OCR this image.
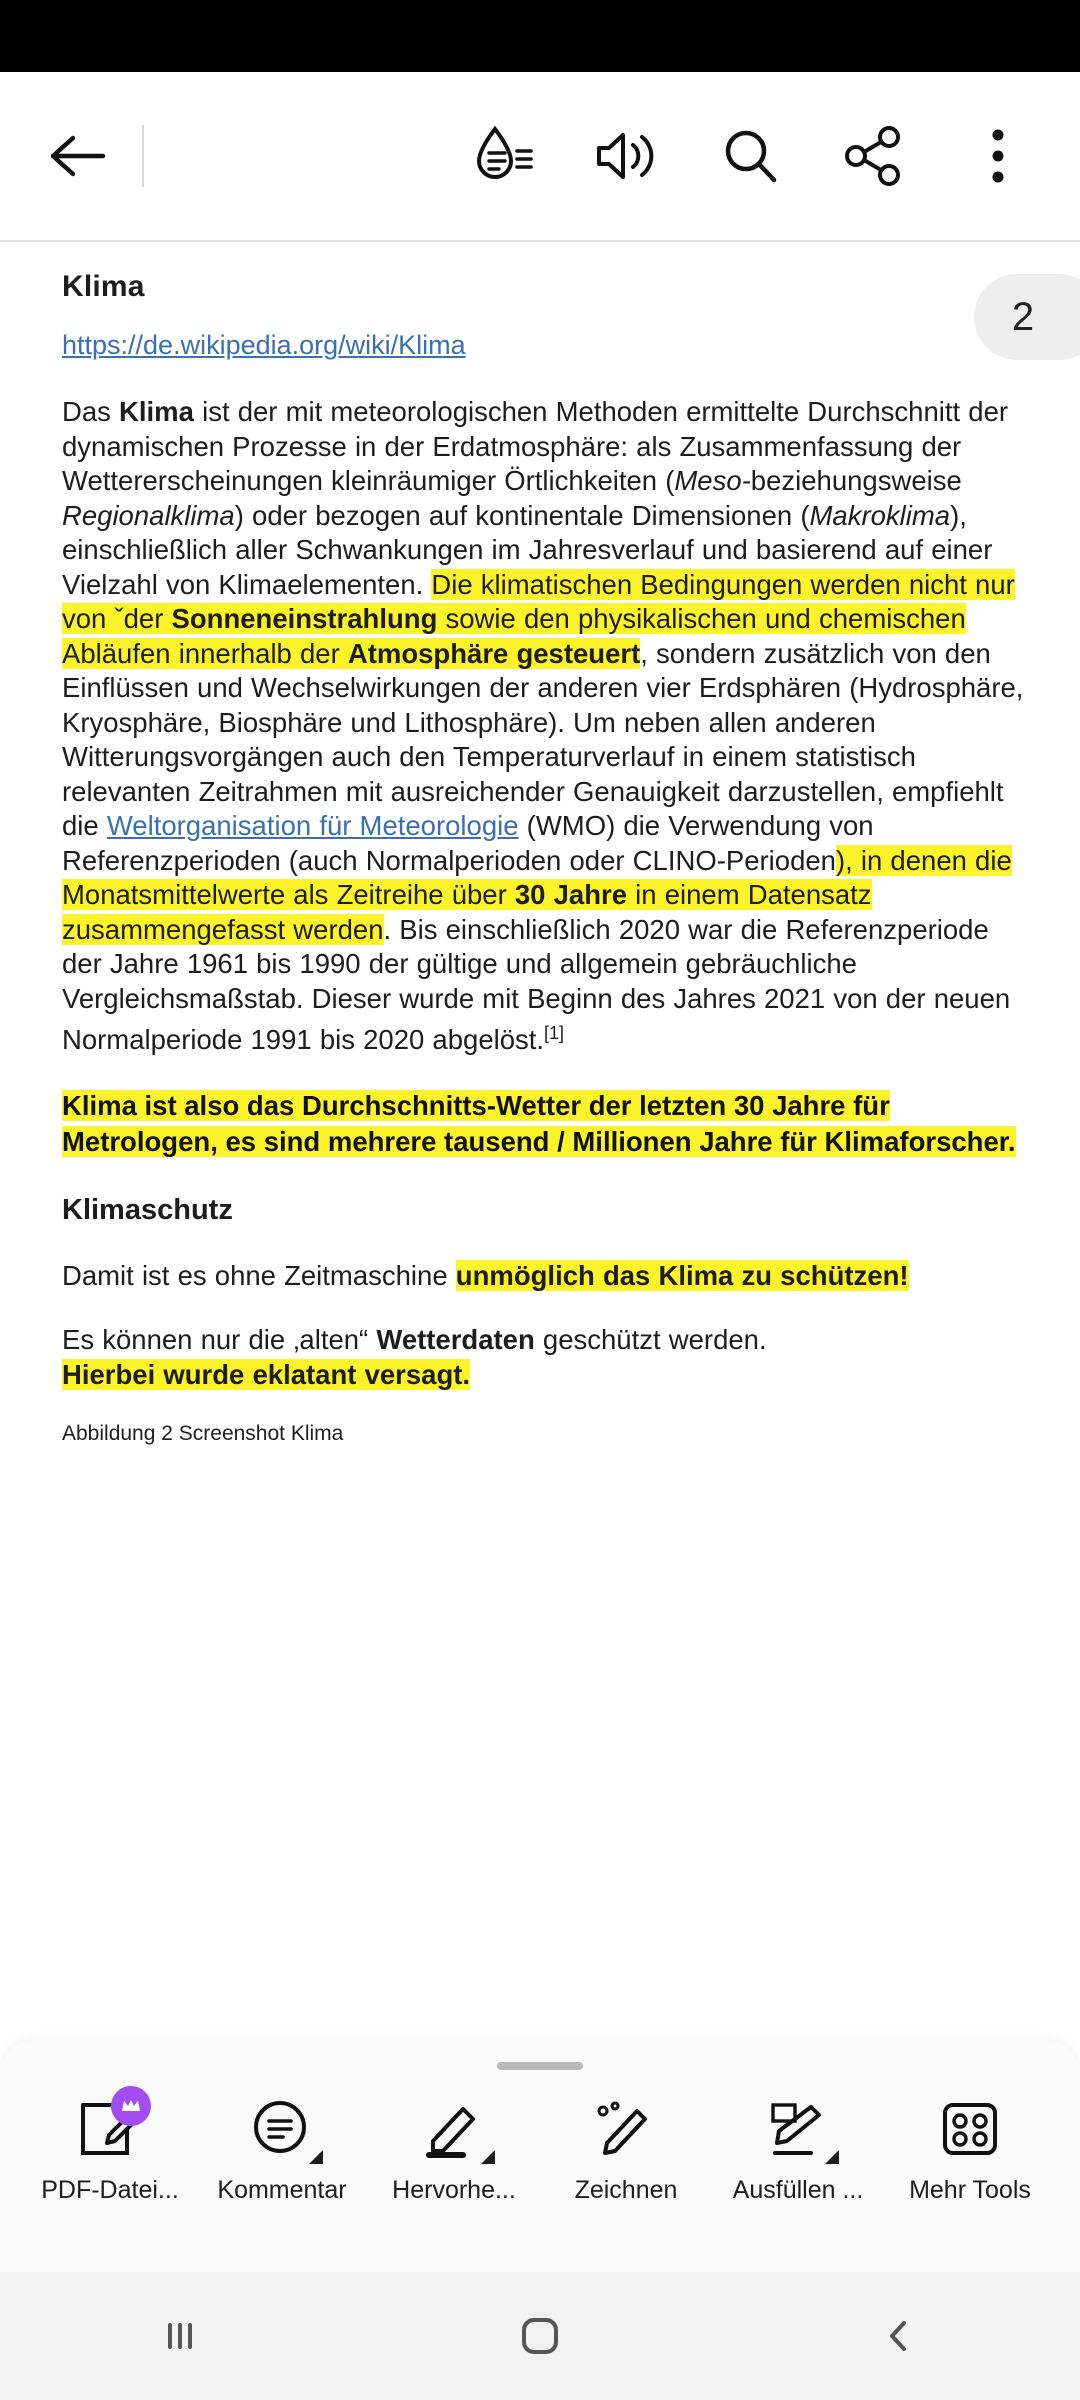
2
Klima
https://de.wikipedia.org/wiki/Klima

Das Klima ist der mit meteorologischen Methoden ermittelte Durchschnitt der dynamischen Prozesse in der Erdatmosphäre: als Zusammenfassung der Wettererscheinungen kleinräumiger Örtlichkeiten (Meso-beziehungsweise Regionalklima) oder bezogen auf kontinentale Dimensionen (Makroklima), einschließlich aller Schwankungen im Jahresverlauf und basierend auf einer Vielzahl von Klimaelementen. Die klimatischen Bedingungen werden nicht nur von ˇder Sonneneinstrahlung sowie den physikalischen und chemischen Abläufen innerhalb der Atmosphäre gesteuert, sondern zusätzlich von den Einflüssen und Wechselwirkungen der anderen vier Erdsphären (Hydrosphäre, Kryosphäre, Biosphäre und Lithosphäre). Um neben allen anderen Witterungsvorgängen auch den Temperaturverlauf in einem statistisch relevanten Zeitrahmen mit ausreichender Genauigkeit darzustellen, empfiehlt die Weltorganisation für Meteorologie (WMO) die Verwendung von Referenzperioden (auch Normalperioden oder CLINO-Perioden), in denen die Monatsmittelwerte als Zeitreihe über 30 Jahre in einem Datensatz zusammengefasst werden. Bis einschließlich 2020 war die Referenzperiode der Jahre 1961 bis 1990 der gültige und allgemein gebräuchliche Vergleichsmaßstab. Dieser wurde mit Beginn des Jahres 2021 von der neuen Normalperiode 1991 bis 2020 abgelöst.[1]

Klima ist also das Durchschnitts-Wetter der letzten 30 Jahre für Metrologen, es sind mehrere tausend / Millionen Jahre für Klimaforscher.

Klimaschutz

Damit ist es ohne Zeitmaschine unmöglich das Klima zu schützen!

Es können nur die ‚alten“ Wetterdaten geschützt werden.
Hierbei wurde eklatant versagt.

Abbildung 2 Screenshot Klima
PDF-Datei... Kommentar Hervorhe... Zeichnen Ausfüllen ... Mehr Tools
